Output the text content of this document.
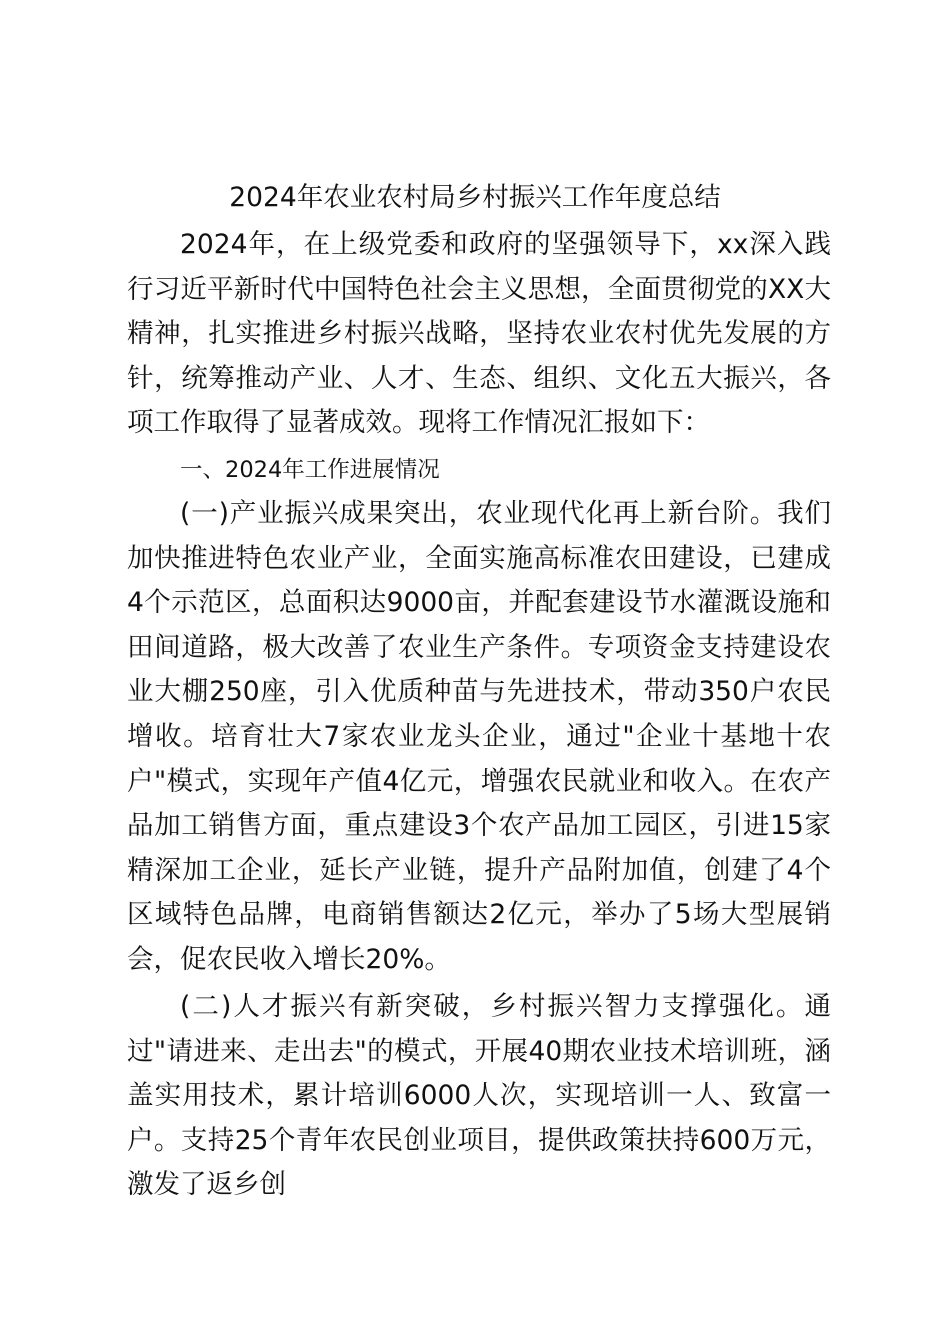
2024年农业农村局乡村振兴工作年度总结

2024年，在上级党委和政府的坚强领导下，xx深入践行习近平新时代中国特色社会主义思想，全面贯彻党的XX大精神，扎实推进乡村振兴战略，坚持农业农村优先发展的方针，统筹推动产业、人才、生态、组织、文化五大振兴，各项工作取得了显著成效。现将工作情况汇报如下：

一、2024年工作进展情况

(一)产业振兴成果突出，农业现代化再上新台阶。我们加快推进特色农业产业，全面实施高标准农田建设，已建成4个示范区，总面积达9000亩，并配套建设节水灌溉设施和田间道路，极大改善了农业生产条件。专项资金支持建设农业大棚250座，引入优质种苗与先进技术，带动350户农民增收。培育壮大7家农业龙头企业，通过"企业十基地十农户"模式，实现年产值4亿元，增强农民就业和收入。在农产品加工销售方面，重点建设3个农产品加工园区，引进15家精深加工企业，延长产业链，提升产品附加值，创建了4个区域特色品牌，电商销售额达2亿元，举办了5场大型展销会，促农民收入增长20%。

(二)人才振兴有新突破，乡村振兴智力支撑强化。通过"请进来、走出去"的模式，开展40期农业技术培训班，涵盖实用技术，累计培训6000人次，实现培训一人、致富一户。支持25个青年农民创业项目，提供政策扶持600万元，激发了返乡创
